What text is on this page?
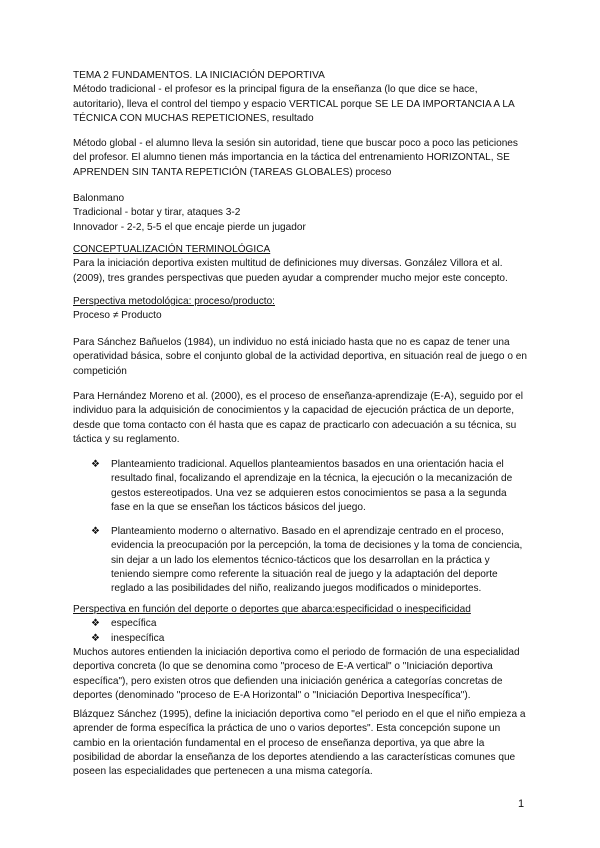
TEMA 2 FUNDAMENTOS. LA INICIACIÓN DEPORTIVA

Método tradicional - el profesor es la principal figura de la enseñanza (lo que dice se hace, autoritario), lleva el control del tiempo y espacio VERTICAL porque SE LE DA IMPORTANCIA A LA TÉCNICA CON MUCHAS REPETICIONES, resultado

Método global - el alumno lleva la sesión sin autoridad, tiene que buscar poco a poco las peticiones del profesor. El alumno tienen más importancia en la táctica del entrenamiento HORIZONTAL, SE APRENDEN SIN TANTA REPETICIÓN (TAREAS GLOBALES) proceso

Balonmano

Tradicional - botar y tirar, ataques 3-2

Innovador - 2-2, 5-5 el que encaje pierde un jugador

CONCEPTUALIZACIÓN TERMINOLÓGICA

Para la iniciación deportiva existen multitud de definiciones muy diversas. González Villora et al. (2009), tres grandes perspectivas que pueden ayudar a comprender mucho mejor este concepto.

Perspectiva metodológica: proceso/producto:

Proceso ≠ Producto

Para Sánchez Bañuelos (1984), un individuo no está iniciado hasta que no es capaz de tener una operatividad básica, sobre el conjunto global de la actividad deportiva, en situación real de juego o en competición

Para Hernández Moreno et al. (2000), es el proceso de enseñanza-aprendizaje (E-A), seguido por el individuo para la adquisición de conocimientos y la capacidad de ejecución práctica de un deporte, desde que toma contacto con él hasta que es capaz de practicarlo con adecuación a su técnica, su táctica y su reglamento.

❖ Planteamiento tradicional. Aquellos planteamientos basados en una orientación hacia el resultado final, focalizando el aprendizaje en la técnica, la ejecución o la mecanización de gestos estereotipados. Una vez se adquieren estos conocimientos se pasa a la segunda fase en la que se enseñan los tácticos básicos del juego.

❖ Planteamiento moderno o alternativo. Basado en el aprendizaje centrado en el proceso, evidencia la preocupación por la percepción, la toma de decisiones y la toma de conciencia, sin dejar a un lado los elementos técnico-tácticos que los desarrollan en la práctica y teniendo siempre como referente la situación real de juego y la adaptación del deporte reglado a las posibilidades del niño, realizando juegos modificados o minideportes.

Perspectiva en función del deporte o deportes que abarca:especificidad o inespecificidad

❖ específica

❖ inespecífica

Muchos autores entienden la iniciación deportiva como el periodo de formación de una especialidad deportiva concreta (lo que se denomina como "proceso de E-A vertical" o "Iniciación deportiva específica"), pero existen otros que defienden una iniciación genérica a categorías concretas de deportes (denominado "proceso de E-A Horizontal" o "Iniciación Deportiva Inespecífica").

Blázquez Sánchez (1995), define la iniciación deportiva como "el periodo en el que el niño empieza a aprender de forma específica la práctica de uno o varios deportes". Esta concepción supone un cambio en la orientación fundamental en el proceso de enseñanza deportiva, ya que abre la posibilidad de abordar la enseñanza de los deportes atendiendo a las características comunes que poseen las especialidades que pertenecen a una misma categoría.

1
